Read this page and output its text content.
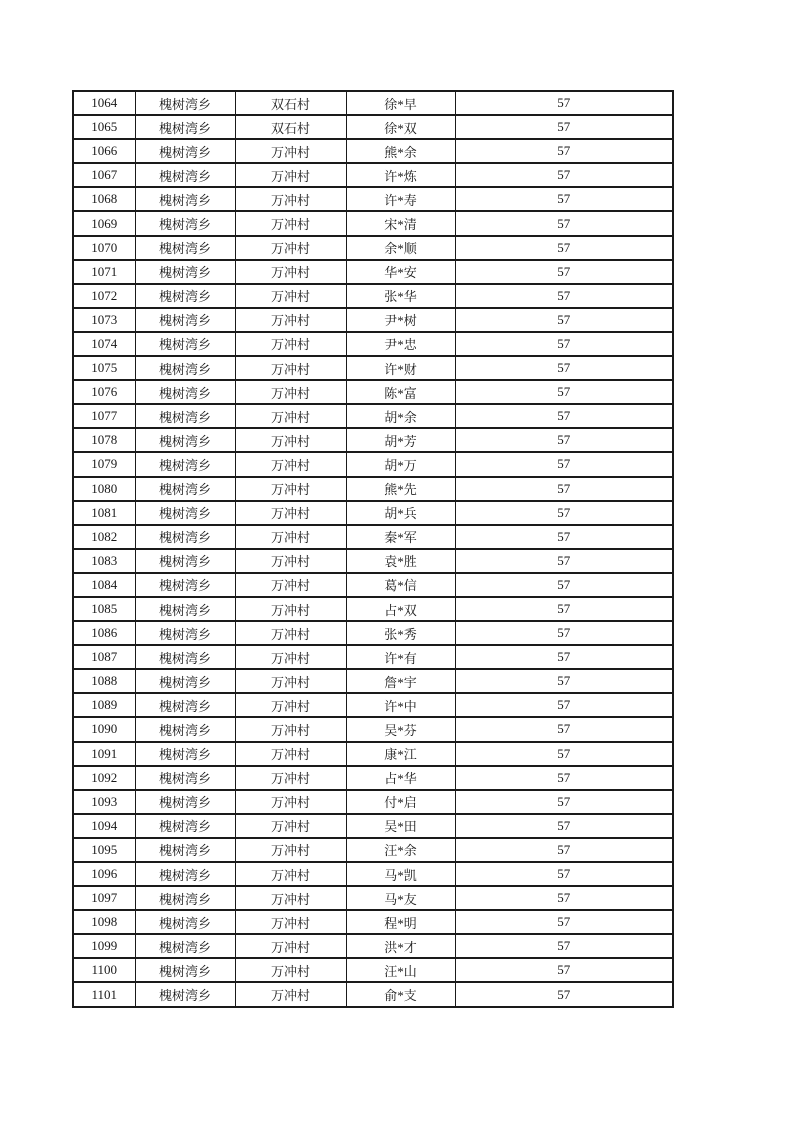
1064	槐树湾乡	双石村	徐*早	57
1065	槐树湾乡	双石村	徐*双	57
1066	槐树湾乡	万冲村	熊*余	57
1067	槐树湾乡	万冲村	许*炼	57
1068	槐树湾乡	万冲村	许*寿	57
1069	槐树湾乡	万冲村	宋*清	57
1070	槐树湾乡	万冲村	余*顺	57
1071	槐树湾乡	万冲村	华*安	57
1072	槐树湾乡	万冲村	张*华	57
1073	槐树湾乡	万冲村	尹*树	57
1074	槐树湾乡	万冲村	尹*忠	57
1075	槐树湾乡	万冲村	许*财	57
1076	槐树湾乡	万冲村	陈*富	57
1077	槐树湾乡	万冲村	胡*余	57
1078	槐树湾乡	万冲村	胡*芳	57
1079	槐树湾乡	万冲村	胡*万	57
1080	槐树湾乡	万冲村	熊*先	57
1081	槐树湾乡	万冲村	胡*兵	57
1082	槐树湾乡	万冲村	秦*军	57
1083	槐树湾乡	万冲村	袁*胜	57
1084	槐树湾乡	万冲村	葛*信	57
1085	槐树湾乡	万冲村	占*双	57
1086	槐树湾乡	万冲村	张*秀	57
1087	槐树湾乡	万冲村	许*有	57
1088	槐树湾乡	万冲村	詹*宇	57
1089	槐树湾乡	万冲村	许*中	57
1090	槐树湾乡	万冲村	吴*芬	57
1091	槐树湾乡	万冲村	康*江	57
1092	槐树湾乡	万冲村	占*华	57
1093	槐树湾乡	万冲村	付*启	57
1094	槐树湾乡	万冲村	吴*田	57
1095	槐树湾乡	万冲村	汪*余	57
1096	槐树湾乡	万冲村	马*凯	57
1097	槐树湾乡	万冲村	马*友	57
1098	槐树湾乡	万冲村	程*明	57
1099	槐树湾乡	万冲村	洪*才	57
1100	槐树湾乡	万冲村	汪*山	57
1101	槐树湾乡	万冲村	俞*支	57
